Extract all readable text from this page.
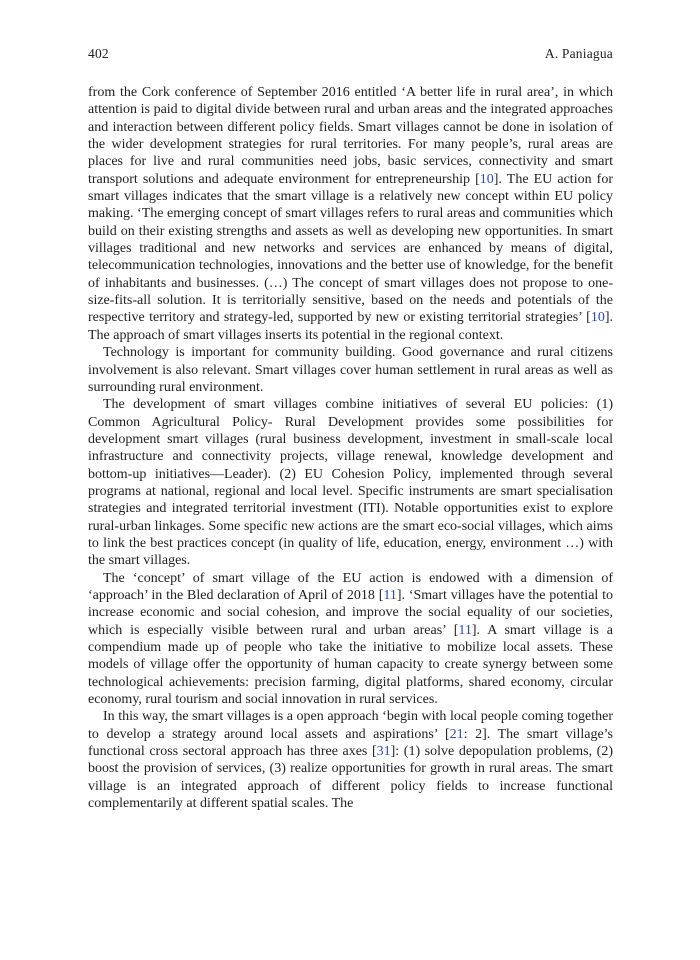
402	A. Paniagua

from the Cork conference of September 2016 entitled ‘A better life in rural area’, in which attention is paid to digital divide between rural and urban areas and the integrated approaches and interaction between different policy fields. Smart villages cannot be done in isolation of the wider development strategies for rural territories. For many people’s, rural areas are places for live and rural communities need jobs, basic services, connectivity and smart transport solutions and adequate environment for entrepreneurship [10]. The EU action for smart villages indicates that the smart village is a relatively new concept within EU policy making. ‘The emerging concept of smart villages refers to rural areas and communities which build on their existing strengths and assets as well as developing new opportunities. In smart villages traditional and new networks and services are enhanced by means of digital, telecommunication technologies, innovations and the better use of knowledge, for the benefit of inhabitants and businesses. (…) The concept of smart villages does not propose to one-size-fits-all solution. It is territorially sensitive, based on the needs and potentials of the respective territory and strategy-led, supported by new or existing territorial strategies’ [10]. The approach of smart villages inserts its potential in the regional context.

Technology is important for community building. Good governance and rural citizens involvement is also relevant. Smart villages cover human settlement in rural areas as well as surrounding rural environment.

The development of smart villages combine initiatives of several EU policies: (1) Common Agricultural Policy- Rural Development provides some possibilities for development smart villages (rural business development, investment in small-scale local infrastructure and connectivity projects, village renewal, knowledge development and bottom-up initiatives—Leader). (2) EU Cohesion Policy, implemented through several programs at national, regional and local level. Specific instruments are smart specialisation strategies and integrated territorial investment (ITI). Notable opportunities exist to explore rural-urban linkages. Some specific new actions are the smart eco-social villages, which aims to link the best practices concept (in quality of life, education, energy, environment …) with the smart villages.

The ‘concept’ of smart village of the EU action is endowed with a dimension of ‘approach’ in the Bled declaration of April of 2018 [11]. ‘Smart villages have the potential to increase economic and social cohesion, and improve the social equality of our societies, which is especially visible between rural and urban areas’ [11]. A smart village is a compendium made up of people who take the initiative to mobilize local assets. These models of village offer the opportunity of human capacity to create synergy between some technological achievements: precision farming, digital platforms, shared economy, circular economy, rural tourism and social innovation in rural services.

In this way, the smart villages is a open approach ‘begin with local people coming together to develop a strategy around local assets and aspirations’ [21: 2]. The smart village’s functional cross sectoral approach has three axes [31]: (1) solve depopulation problems, (2) boost the provision of services, (3) realize opportunities for growth in rural areas. The smart village is an integrated approach of different policy fields to increase functional complementarily at different spatial scales. The
